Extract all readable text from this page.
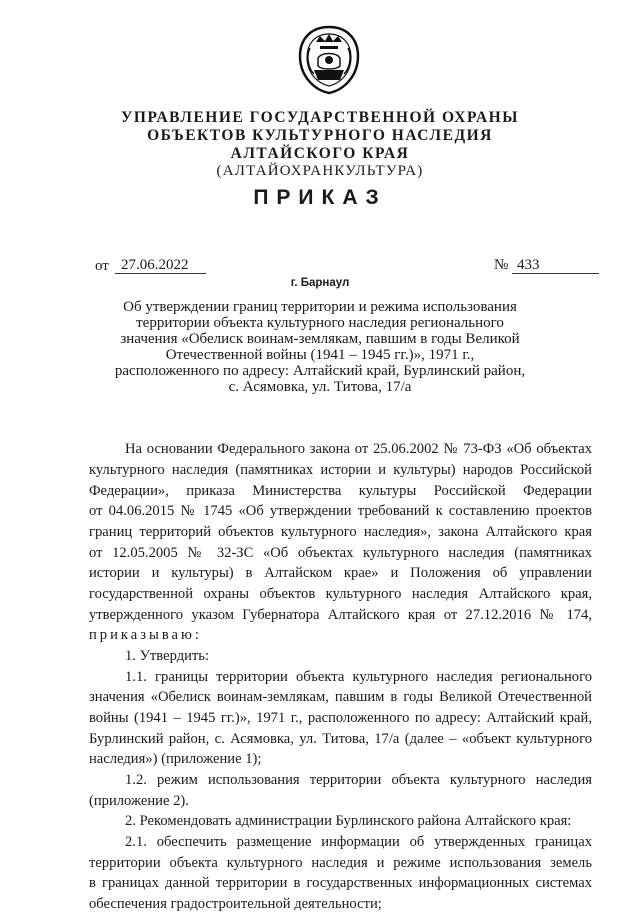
УПРАВЛЕНИЕ ГОСУДАРСТВЕННОЙ ОХРАНЫ
ОБЪЕКТОВ КУЛЬТУРНОГО НАСЛЕДИЯ
АЛТАЙСКОГО КРАЯ
(АЛТАЙОХРАНКУЛЬТУРА)
ПРИКАЗ
от 27.06.2022	№ 433
г. Барнаул
Об утверждении границ территории и режима использования
территории объекта культурного наследия регионального
значения «Обелиск воинам-землякам, павшим в годы Великой
Отечественной войны (1941 – 1945 гг.)», 1971 г.,
расположенного по адресу: Алтайский край, Бурлинский район,
с. Асямовка, ул. Титова, 17/а
На основании Федерального закона от 25.06.2002 № 73-ФЗ «Об объектах
культурного наследия (памятниках истории и культуры) народов Российской
Федерации», приказа Министерства культуры Российской Федерации
от 04.06.2015 № 1745 «Об утверждении требований к составлению проектов
границ территорий объектов культурного наследия», закона Алтайского края
от 12.05.2005 № 32-ЗС «Об объектах культурного наследия (памятниках
истории и культуры) в Алтайском крае» и Положения об управлении
государственной охраны объектов культурного наследия Алтайского края,
утвержденного указом Губернатора Алтайского края от 27.12.2016 № 174,
приказываю:
1. Утвердить:
1.1. границы территории объекта культурного наследия регионального
значения «Обелиск воинам-землякам, павшим в годы Великой Отечественной
войны (1941 – 1945 гг.)», 1971 г., расположенного по адресу: Алтайский край,
Бурлинский район, с. Асямовка, ул. Титова, 17/а (далее – «объект культурного
наследия») (приложение 1);
1.2. режим использования территории объекта культурного наследия
(приложение 2).
2. Рекомендовать администрации Бурлинского района Алтайского края:
2.1. обеспечить размещение информации об утвержденных границах
территории объекта культурного наследия и режиме использования земель
в границах данной территории в государственных информационных системах
обеспечения градостроительной деятельности;
